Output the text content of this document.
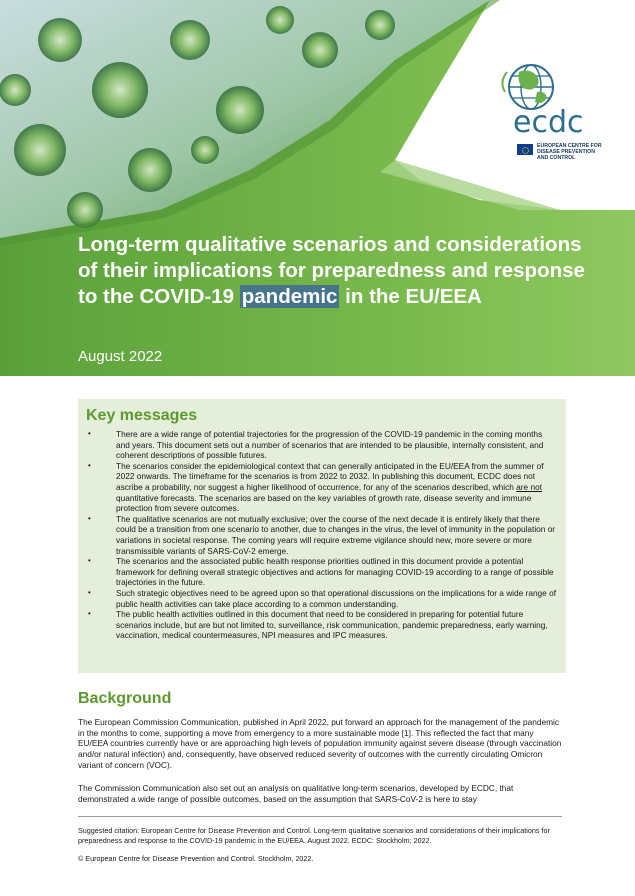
ecdc
EUROPEAN CENTRE FOR
DISEASE PREVENTION
AND CONTROL
Long-term qualitative scenarios and considerations of their implications for preparedness and response to the COVID-19 pandemic in the EU/EEA

August 2022

Key messages
•	There are a wide range of potential trajectories for the progression of the COVID-19 pandemic in the coming months and years. This document sets out a number of scenarios that are intended to be plausible, internally consistent, and coherent descriptions of possible futures.
•	The scenarios consider the epidemiological context that can generally anticipated in the EU/EEA from the summer of 2022 onwards. The timeframe for the scenarios is from 2022 to 2032. In publishing this document, ECDC does not ascribe a probability, nor suggest a higher likelihood of occurrence, for any of the scenarios described, which are not quantitative forecasts. The scenarios are based on the key variables of growth rate, disease severity and immune protection from severe outcomes.
•	The qualitative scenarios are not mutually exclusive; over the course of the next decade it is entirely likely that there could be a transition from one scenario to another, due to changes in the virus, the level of immunity in the population or variations in societal response. The coming years will require extreme vigilance should new, more severe or more transmissible variants of SARS-CoV-2 emerge.
•	The scenarios and the associated public health response priorities outlined in this document provide a potential framework for defining overall strategic objectives and actions for managing COVID-19 according to a range of possible trajectories in the future.
•	Such strategic objectives need to be agreed upon so that operational discussions on the implications for a wide range of public health activities can take place according to a common understanding.
•	The public health activities outlined in this document that need to be considered in preparing for potential future scenarios include, but are but not limited to, surveillance, risk communication, pandemic preparedness, early warning, vaccination, medical countermeasures, NPI measures and IPC measures.
Background

The European Commission Communication, published in April 2022, put forward an approach for the management of the pandemic in the months to come, supporting a move from emergency to a more sustainable mode [1]. This reflected the fact that many EU/EEA countries currently have or are approaching high levels of population immunity against severe disease (through vaccination and/or natural infection) and, consequently, have observed reduced severity of outcomes with the currently circulating Omicron variant of concern (VOC).

The Commission Communication also set out an analysis on qualitative long-term scenarios, developed by ECDC, that demonstrated a wide range of possible outcomes, based on the assumption that SARS-CoV-2 is here to stay

Suggested citation: European Centre for Disease Prevention and Control. Long-term qualitative scenarios and considerations of their implications for preparedness and response to the COVID-19 pandemic in the EU/EEA. August 2022. ECDC: Stockholm; 2022.

© European Centre for Disease Prevention and Control. Stockholm, 2022.
